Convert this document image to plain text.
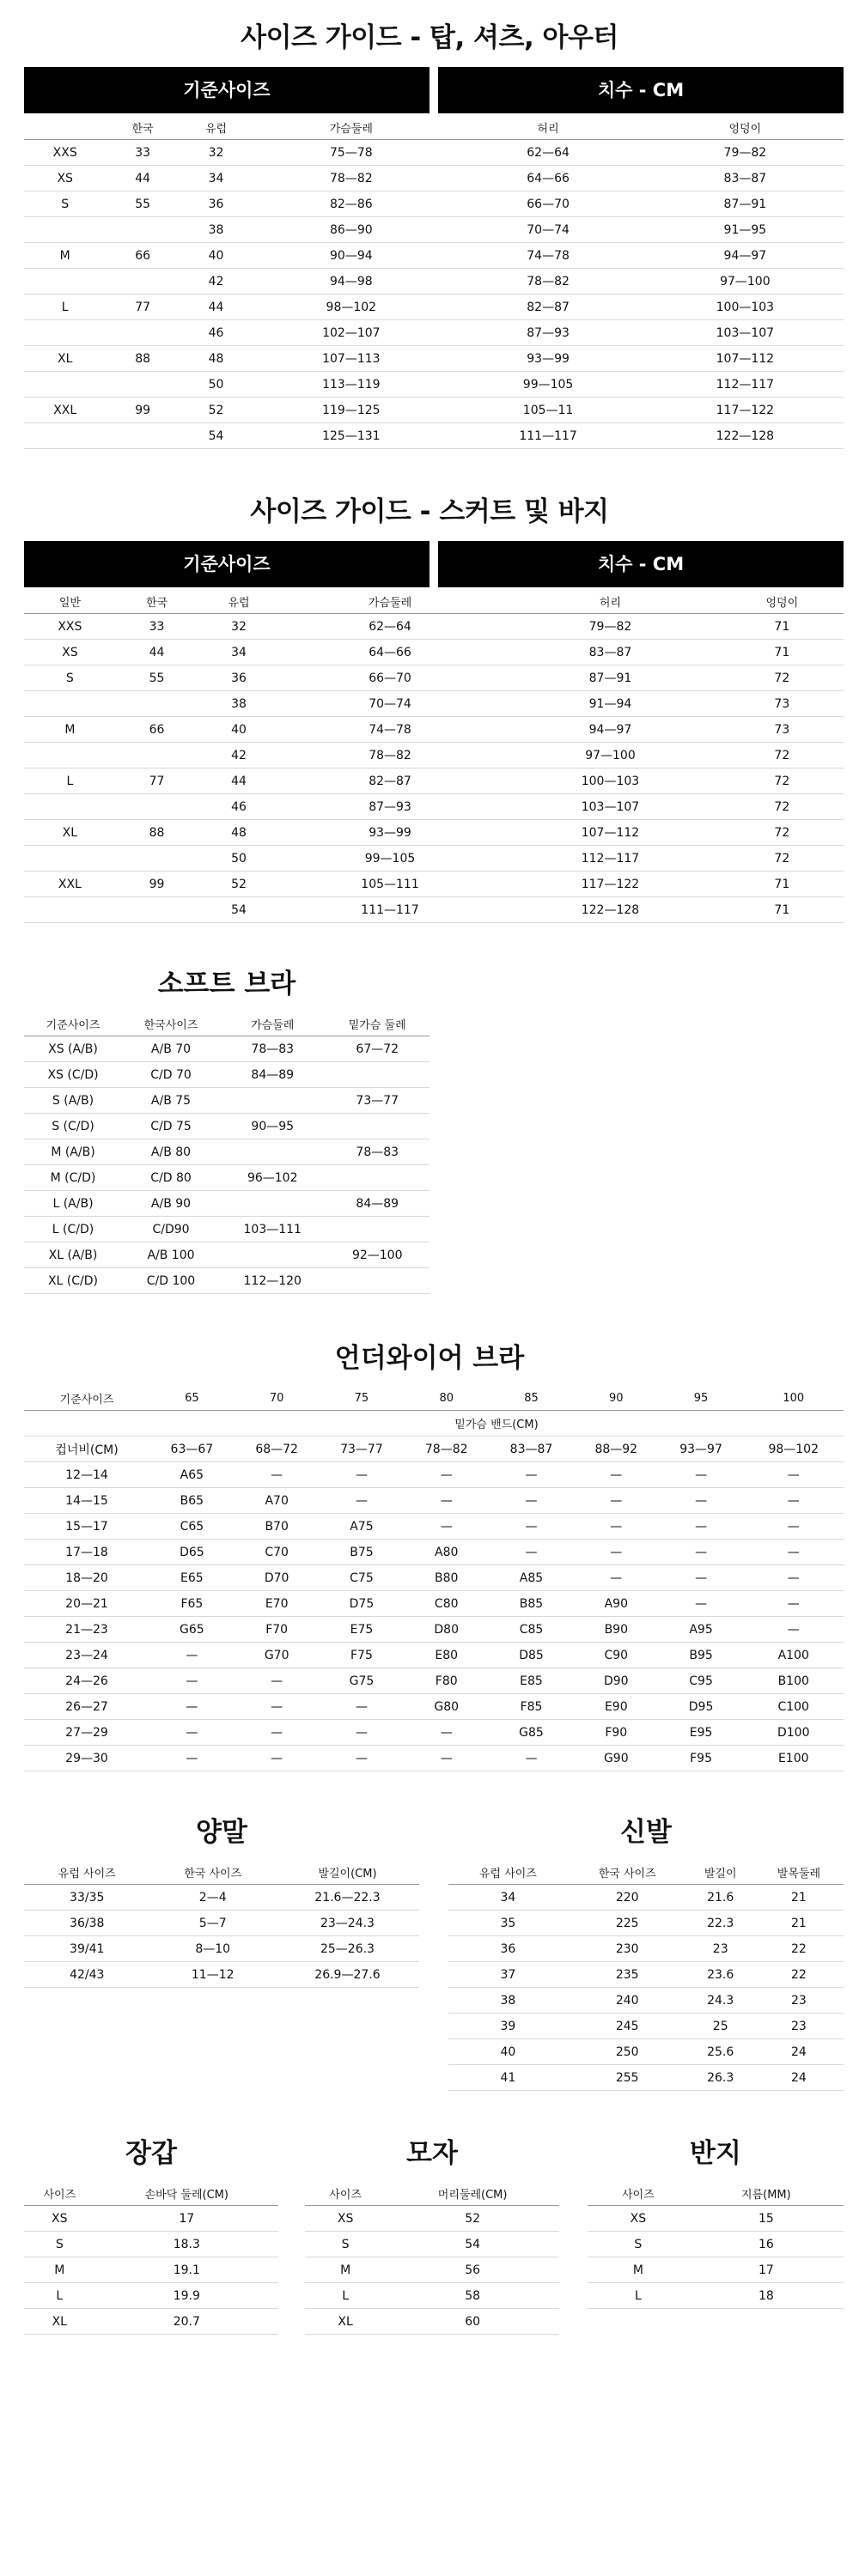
사이즈 가이드 - 탑, 셔츠, 아우터
기준사이즈	치수 - CM
	한국	유럽	가슴둘레	허리	엉덩이
XXS	33	32	75—78	62—64	79—82
XS	44	34	78—82	64—66	83—87
S	55	36	82—86	66—70	87—91
		38	86—90	70—74	91—95
M	66	40	90—94	74—78	94—97
		42	94—98	78—82	97—100
L	77	44	98—102	82—87	100—103
		46	102—107	87—93	103—107
XL	88	48	107—113	93—99	107—112
		50	113—119	99—105	112—117
XXL	99	52	119—125	105—11	117—122
		54	125—131	111—117	122—128
사이즈 가이드 - 스커트 및 바지
기준사이즈	치수 - CM
일반	한국	유럽	가슴둘레	허리	엉덩이
XXS	33	32	62—64	79—82	71
XS	44	34	64—66	83—87	71
S	55	36	66—70	87—91	72
		38	70—74	91—94	73
M	66	40	74—78	94—97	73
		42	78—82	97—100	72
L	77	44	82—87	100—103	72
		46	87—93	103—107	72
XL	88	48	93—99	107—112	72
		50	99—105	112—117	72
XXL	99	52	105—111	117—122	71
		54	111—117	122—128	71
소프트 브라
기준사이즈	한국사이즈	가슴둘레	밑가슴 둘레
XS (A/B)	A/B 70	78—83	67—72
XS (C/D)	C/D 70	84—89	
S (A/B)	A/B 75		73—77
S (C/D)	C/D 75	90—95	
M (A/B)	A/B 80		78—83
M (C/D)	C/D 80	96—102	
L (A/B)	A/B 90		84—89
L (C/D)	C/D90	103—111	
XL (A/B)	A/B 100		92—100
XL (C/D)	C/D 100	112—120	
언더와이어 브라
기준사이즈	65	70	75	80	85	90	95	100
	밑가슴 밴드(CM)							
컵너비(CM)	63—67	68—72	73—77	78—82	83—87	88—92	93—97	98—102
12—14	A65	—	—	—	—	—	—	—
14—15	B65	A70	—	—	—	—	—	—
15—17	C65	B70	A75	—	—	—	—	—
17—18	D65	C70	B75	A80	—	—	—	—
18—20	E65	D70	C75	B80	A85	—	—	—
20—21	F65	E70	D75	C80	B85	A90	—	—
21—23	G65	F70	E75	D80	C85	B90	A95	—
23—24	—	G70	F75	E80	D85	C90	B95	A100
24—26	—	—	G75	F80	E85	D90	C95	B100
26—27	—	—	—	G80	F85	E90	D95	C100
27—29	—	—	—	—	G85	F90	E95	D100
29—30	—	—	—	—	—	G90	F95	E100
양말
유럽 사이즈	한국 사이즈	발길이(CM)
33/35	2—4	21.6—22.3
36/38	5—7	23—24.3
39/41	8—10	25—26.3
42/43	11—12	26.9—27.6
신발
유럽 사이즈	한국 사이즈	발길이	발목둘레
34	220	21.6	21
35	225	22.3	21
36	230	23	22
37	235	23.6	22
38	240	24.3	23
39	245	25	23
40	250	25.6	24
41	255	26.3	24
장갑
사이즈	손바닥 둘레(CM)
XS	17
S	18.3
M	19.1
L	19.9
XL	20.7
모자
사이즈	머리둘레(CM)
XS	52
S	54
M	56
L	58
XL	60
반지
사이즈	지름(MM)
XS	15
S	16
M	17
L	18
